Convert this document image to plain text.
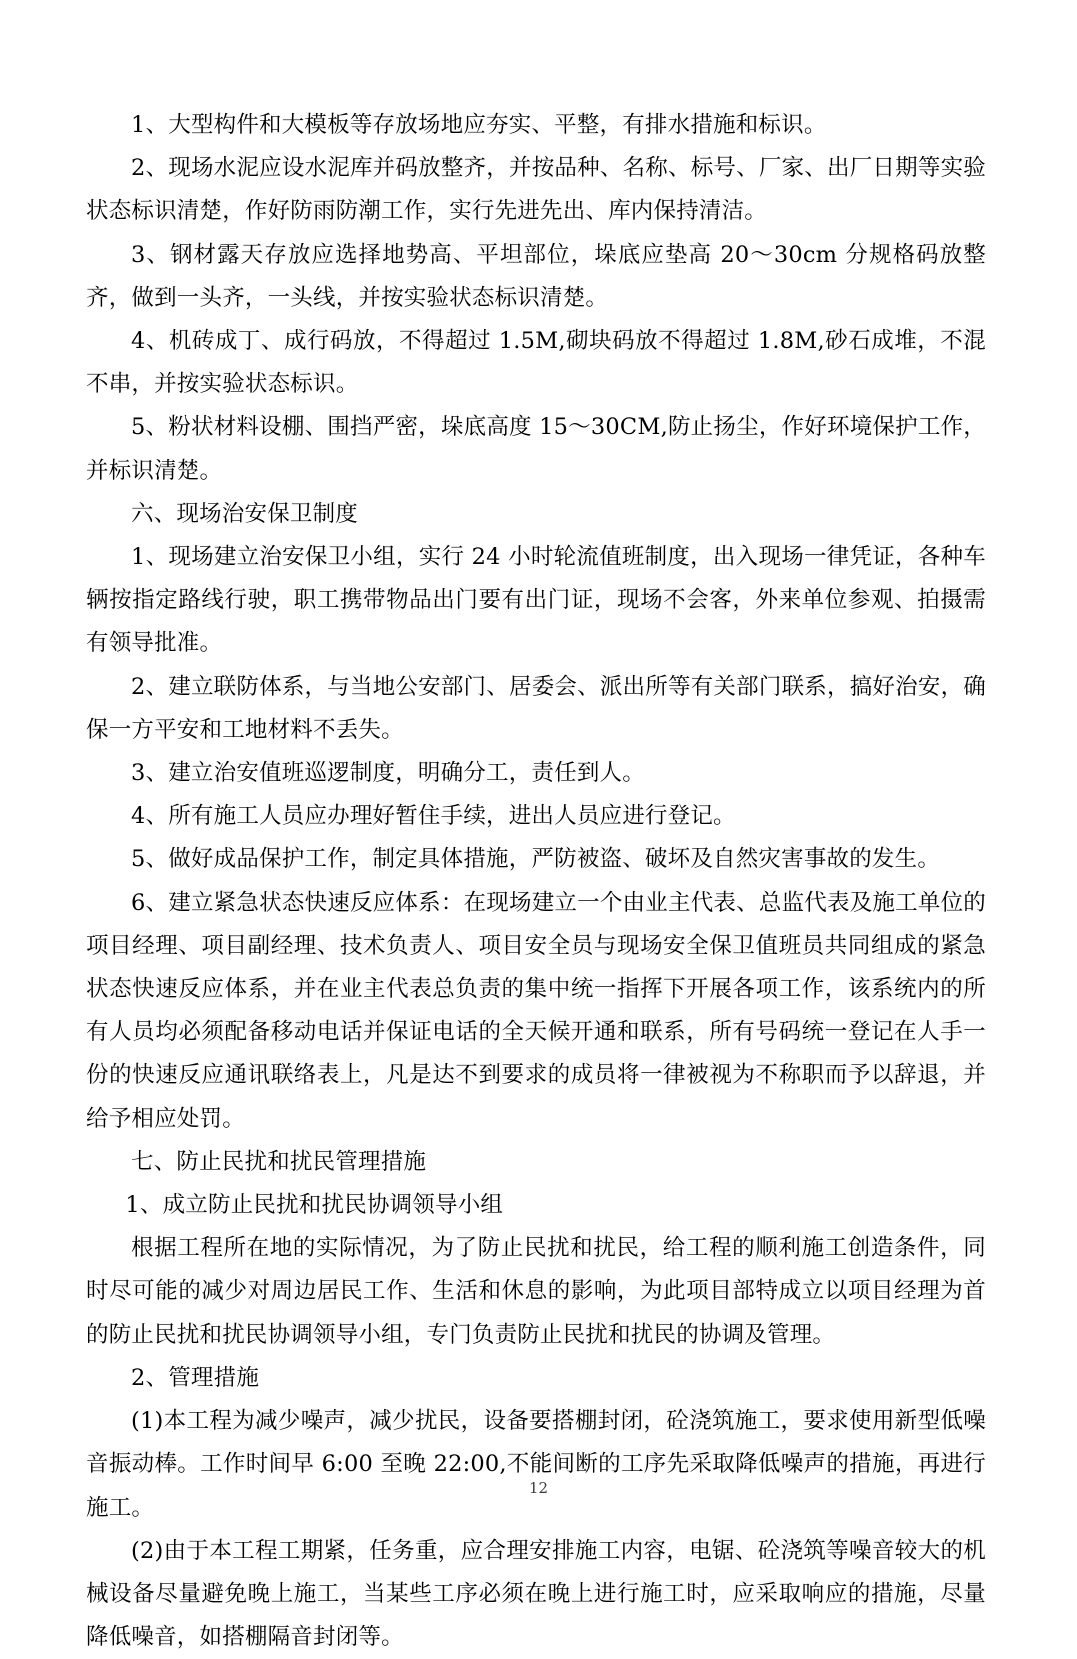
1、大型构件和大模板等存放场地应夯实、平整，有排水措施和标识。

2、现场水泥应设水泥库并码放整齐，并按品种、名称、标号、厂家、出厂日期等实验状态标识清楚，作好防雨防潮工作，实行先进先出、库内保持清洁。

3、钢材露天存放应选择地势高、平坦部位，垛底应垫高 20～30cm 分规格码放整齐，做到一头齐，一头线，并按实验状态标识清楚。

4、机砖成丁、成行码放，不得超过 1.5M,砌块码放不得超过 1.8M,砂石成堆，不混不串，并按实验状态标识。

5、粉状材料设棚、围挡严密，垛底高度 15～30CM,防止扬尘，作好环境保护工作，并标识清楚。

六、现场治安保卫制度

1、现场建立治安保卫小组，实行 24 小时轮流值班制度，出入现场一律凭证，各种车辆按指定路线行驶，职工携带物品出门要有出门证，现场不会客，外来单位参观、拍摄需有领导批准。

2、建立联防体系，与当地公安部门、居委会、派出所等有关部门联系，搞好治安，确保一方平安和工地材料不丢失。

3、建立治安值班巡逻制度，明确分工，责任到人。

4、所有施工人员应办理好暂住手续，进出人员应进行登记。

5、做好成品保护工作，制定具体措施，严防被盗、破坏及自然灾害事故的发生。

6、建立紧急状态快速反应体系：在现场建立一个由业主代表、总监代表及施工单位的项目经理、项目副经理、技术负责人、项目安全员与现场安全保卫值班员共同组成的紧急状态快速反应体系，并在业主代表总负责的集中统一指挥下开展各项工作，该系统内的所有人员均必须配备移动电话并保证电话的全天候开通和联系，所有号码统一登记在人手一份的快速反应通讯联络表上，凡是达不到要求的成员将一律被视为不称职而予以辞退，并给予相应处罚。

七、防止民扰和扰民管理措施

1、成立防止民扰和扰民协调领导小组

根据工程所在地的实际情况，为了防止民扰和扰民，给工程的顺利施工创造条件，同时尽可能的减少对周边居民工作、生活和休息的影响，为此项目部特成立以项目经理为首的防止民扰和扰民协调领导小组，专门负责防止民扰和扰民的协调及管理。

2、管理措施

(1)本工程为减少噪声，减少扰民，设备要搭棚封闭，砼浇筑施工，要求使用新型低噪音振动棒。工作时间早 6:00 至晚 22:00,不能间断的工序先采取降低噪声的措施，再进行施工。

(2)由于本工程工期紧，任务重，应合理安排施工内容，电锯、砼浇筑等噪音较大的机械设备尽量避免晚上施工，当某些工序必须在晚上进行施工时，应采取响应的措施，尽量降低噪音，如搭棚隔音封闭等。

12
